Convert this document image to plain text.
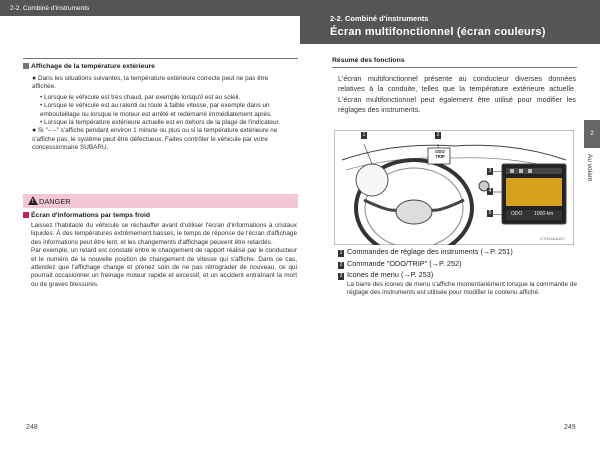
2-2. Combiné d'instruments
Affichage de la température extérieure
● Dans les situations suivantes, la température extérieure correcte peut ne pas être affichée.
• Lorsque le véhicule est très chaud, par exemple lorsqu'il est au soleil.
• Lorsque le véhicule est au ralenti ou roule à faible vitesse, par exemple dans un embouteillage ou lorsque le moteur est arrêté et redémarré immédiatement après.
• Lorsque la température extérieure actuelle est en dehors de la plage de l'indicateur.
● Si "– –" s'affiche pendant environ 1 minute ou plus ou si la température extérieure ne s'affiche pas, le système peut être défectueux. Faites contrôler le véhicule par votre concessionnaire SUBARU.
! DANGER
Écran d'informations par temps froid
Laissez l'habitacle du véhicule se réchauffer avant d'utiliser l'écran d'informations à cristaux liquides. À des températures extrêmement basses, le temps de réponse de l'écran d'affichage des informations peut être lent, et les changements d'affichage peuvent être retardés.
Par exemple, un retard est constaté entre le changement de rapport réalisé par le conducteur et le numéro de la nouvelle position de changement de vitesse qui s'affiche. Dans ce cas, attendez que l'affichage change et prenez soin de ne pas rétrograder de nouveau, ce qui pourrait occasionner un freinage moteur rapide et excessif, et un accident entraînant la mort ou de graves blessures.
248
2-2. Combiné d'instruments
Écran multifonctionnel (écran couleurs)
Résumé des fonctions
L'écran multifonctionnel présente au conducteur diverses données relatives à la conduite, telles que la température extérieure actuelle. L'écran multifonctionnel peut également être utilisé pour modifier les réglages des instruments.
1	2
3
4
5
ODO TRIP
ODO 1000 km
CTH22AA107
1 Commandes de réglage des instruments (→P. 251)
2 Commande "ODO/TRIP" (→P. 252)
3 Icones de menu (→P. 253)
La barre des icones de menu s'affiche momentanément lorsque la commande de réglage des instruments est utilisée pour modifier le contenu affiché.
2
Au volant
249
